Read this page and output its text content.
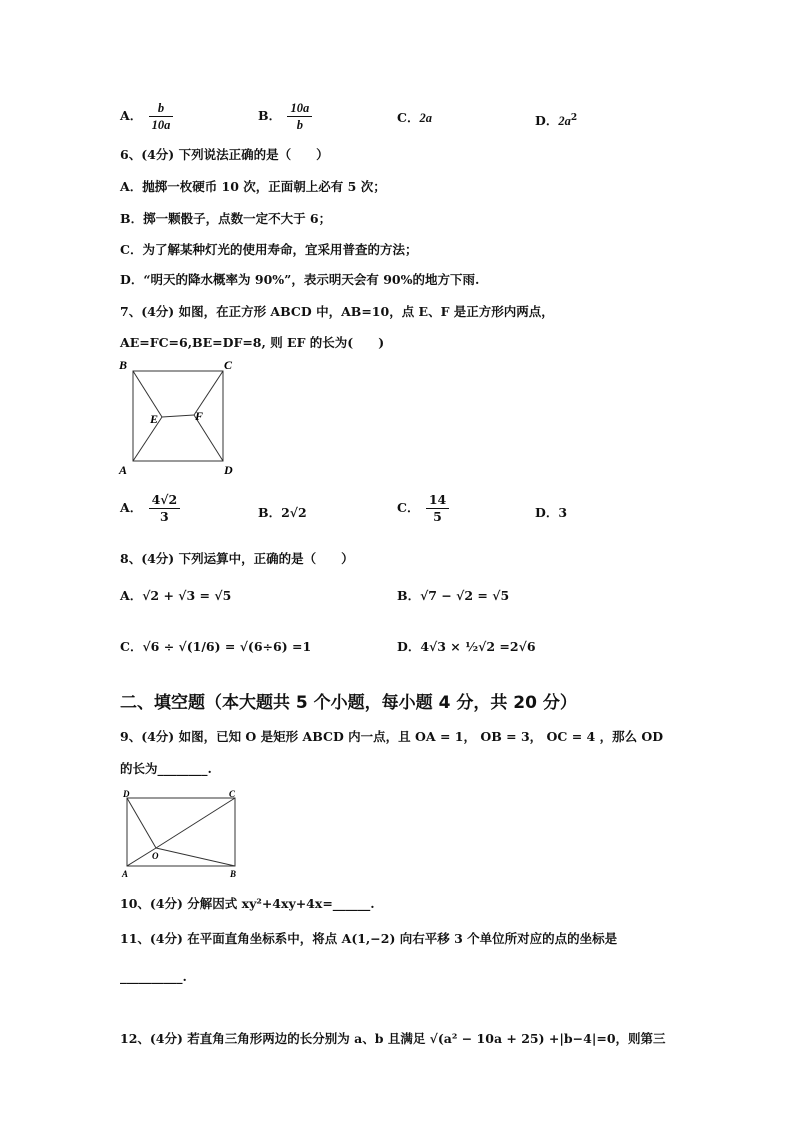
A． $\frac{b}{10a}$	B． $\frac{10a}{b}$	C．2a	D．$2a^2$
6、(4分) 下列说法正确的是（　　）
A．抛掷一枚硬币 10 次，正面朝上必有 5 次；
B．掷一颗骰子，点数一定不大于 6；
C．为了解某种灯光的使用寿命，宜采用普查的方法；
D．“明天的降水概率为 90%”，表示明天会有 90%的地方下雨.
7、(4分) 如图，在正方形 ABCD 中，AB=10，点 E、F 是正方形内两点，
AE=FC=6,BE=DF=8, 则 EF 的长为(　　)
B	C
A	D
E	F
A． $\frac{4√2}{3}$	B．2√2	C． $\frac{14}{5}$	D．3
8、(4分) 下列运算中，正确的是（　　）
A．√2 + √3 = √5	B．√7 − √2 = √5
C．√6 ÷ √(1/6) = √(6÷6) =1	D．4√3 × ½√2 =2√6
二、填空题（本大题共 5 个小题，每小题 4 分，共 20 分）
9、(4分) 如图，已知 O 是矩形 ABCD 内一点，且 OA = 1， OB = 3， OC = 4 ，那么 OD
的长为________.
D	C
A	B
O
10、(4分) 分解因式 xy²+4xy+4x=______.
11、(4分) 在平面直角坐标系中，将点 A(1,−2) 向右平移 3 个单位所对应的点的坐标是
__________.
12、(4分) 若直角三角形两边的长分别为 a、b 且满足 √(a² − 10a + 25) +|b−4|=0，则第三
